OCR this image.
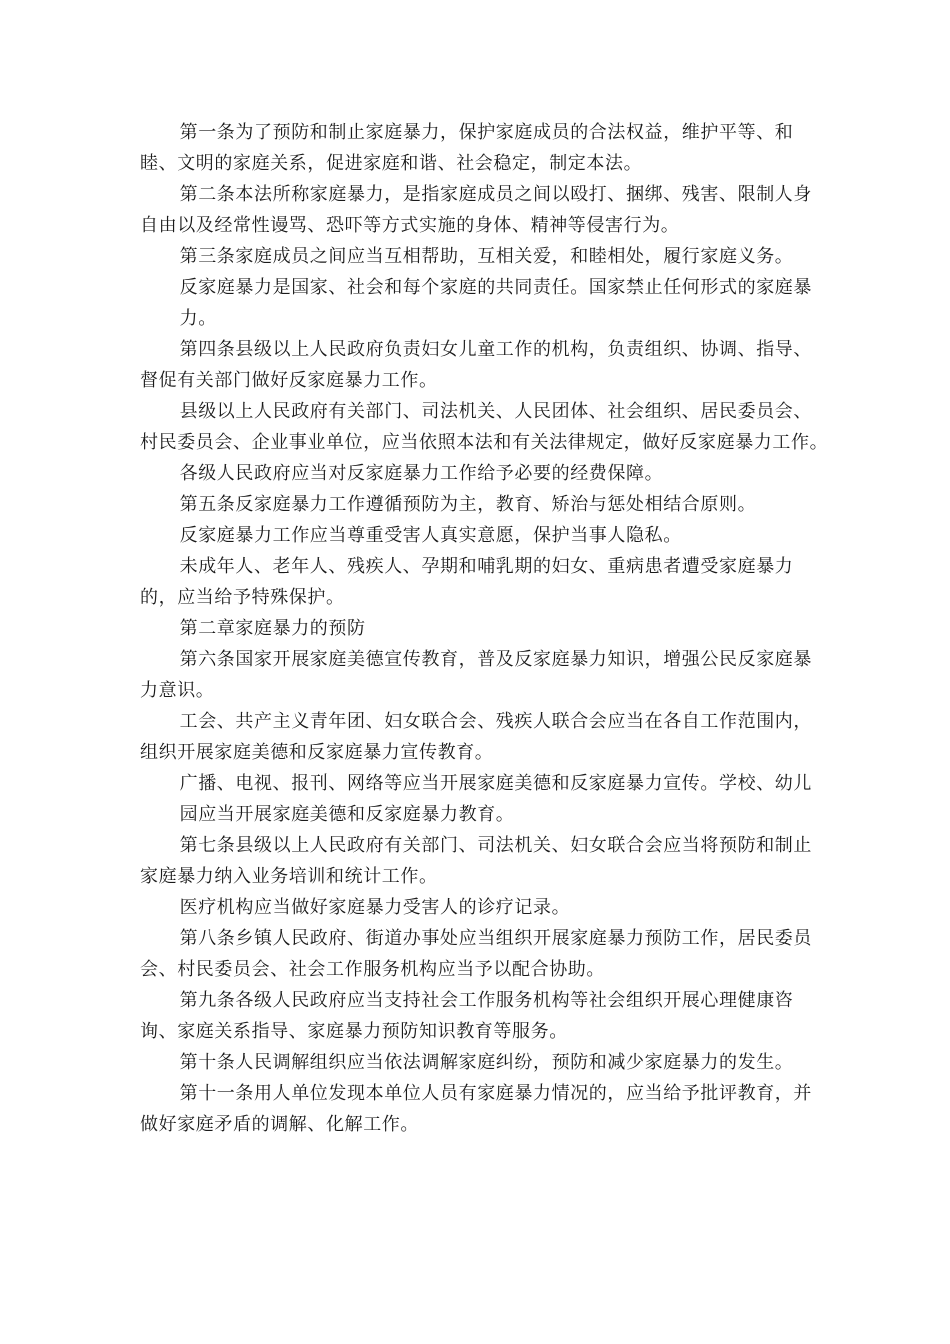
第一条为了预防和制止家庭暴力，保护家庭成员的合法权益，维护平等、和睦、文明的家庭关系，促进家庭和谐、社会稳定，制定本法。

第二条本法所称家庭暴力，是指家庭成员之间以殴打、捆绑、残害、限制人身自由以及经常性谩骂、恐吓等方式实施的身体、精神等侵害行为。

第三条家庭成员之间应当互相帮助，互相关爱，和睦相处，履行家庭义务。

反家庭暴力是国家、社会和每个家庭的共同责任。国家禁止任何形式的家庭暴力。

第四条县级以上人民政府负责妇女儿童工作的机构，负责组织、协调、指导、督促有关部门做好反家庭暴力工作。

县级以上人民政府有关部门、司法机关、人民团体、社会组织、居民委员会、村民委员会、企业事业单位，应当依照本法和有关法律规定，做好反家庭暴力工作。

各级人民政府应当对反家庭暴力工作给予必要的经费保障。

第五条反家庭暴力工作遵循预防为主，教育、矫治与惩处相结合原则。

反家庭暴力工作应当尊重受害人真实意愿，保护当事人隐私。

未成年人、老年人、残疾人、孕期和哺乳期的妇女、重病患者遭受家庭暴力的，应当给予特殊保护。

第二章家庭暴力的预防

第六条国家开展家庭美德宣传教育，普及反家庭暴力知识，增强公民反家庭暴力意识。

工会、共产主义青年团、妇女联合会、残疾人联合会应当在各自工作范围内，组织开展家庭美德和反家庭暴力宣传教育。

广播、电视、报刊、网络等应当开展家庭美德和反家庭暴力宣传。学校、幼儿园应当开展家庭美德和反家庭暴力教育。

第七条县级以上人民政府有关部门、司法机关、妇女联合会应当将预防和制止家庭暴力纳入业务培训和统计工作。

医疗机构应当做好家庭暴力受害人的诊疗记录。

第八条乡镇人民政府、街道办事处应当组织开展家庭暴力预防工作，居民委员会、村民委员会、社会工作服务机构应当予以配合协助。

第九条各级人民政府应当支持社会工作服务机构等社会组织开展心理健康咨询、家庭关系指导、家庭暴力预防知识教育等服务。

第十条人民调解组织应当依法调解家庭纠纷，预防和减少家庭暴力的发生。

第十一条用人单位发现本单位人员有家庭暴力情况的，应当给予批评教育，并做好家庭矛盾的调解、化解工作。
